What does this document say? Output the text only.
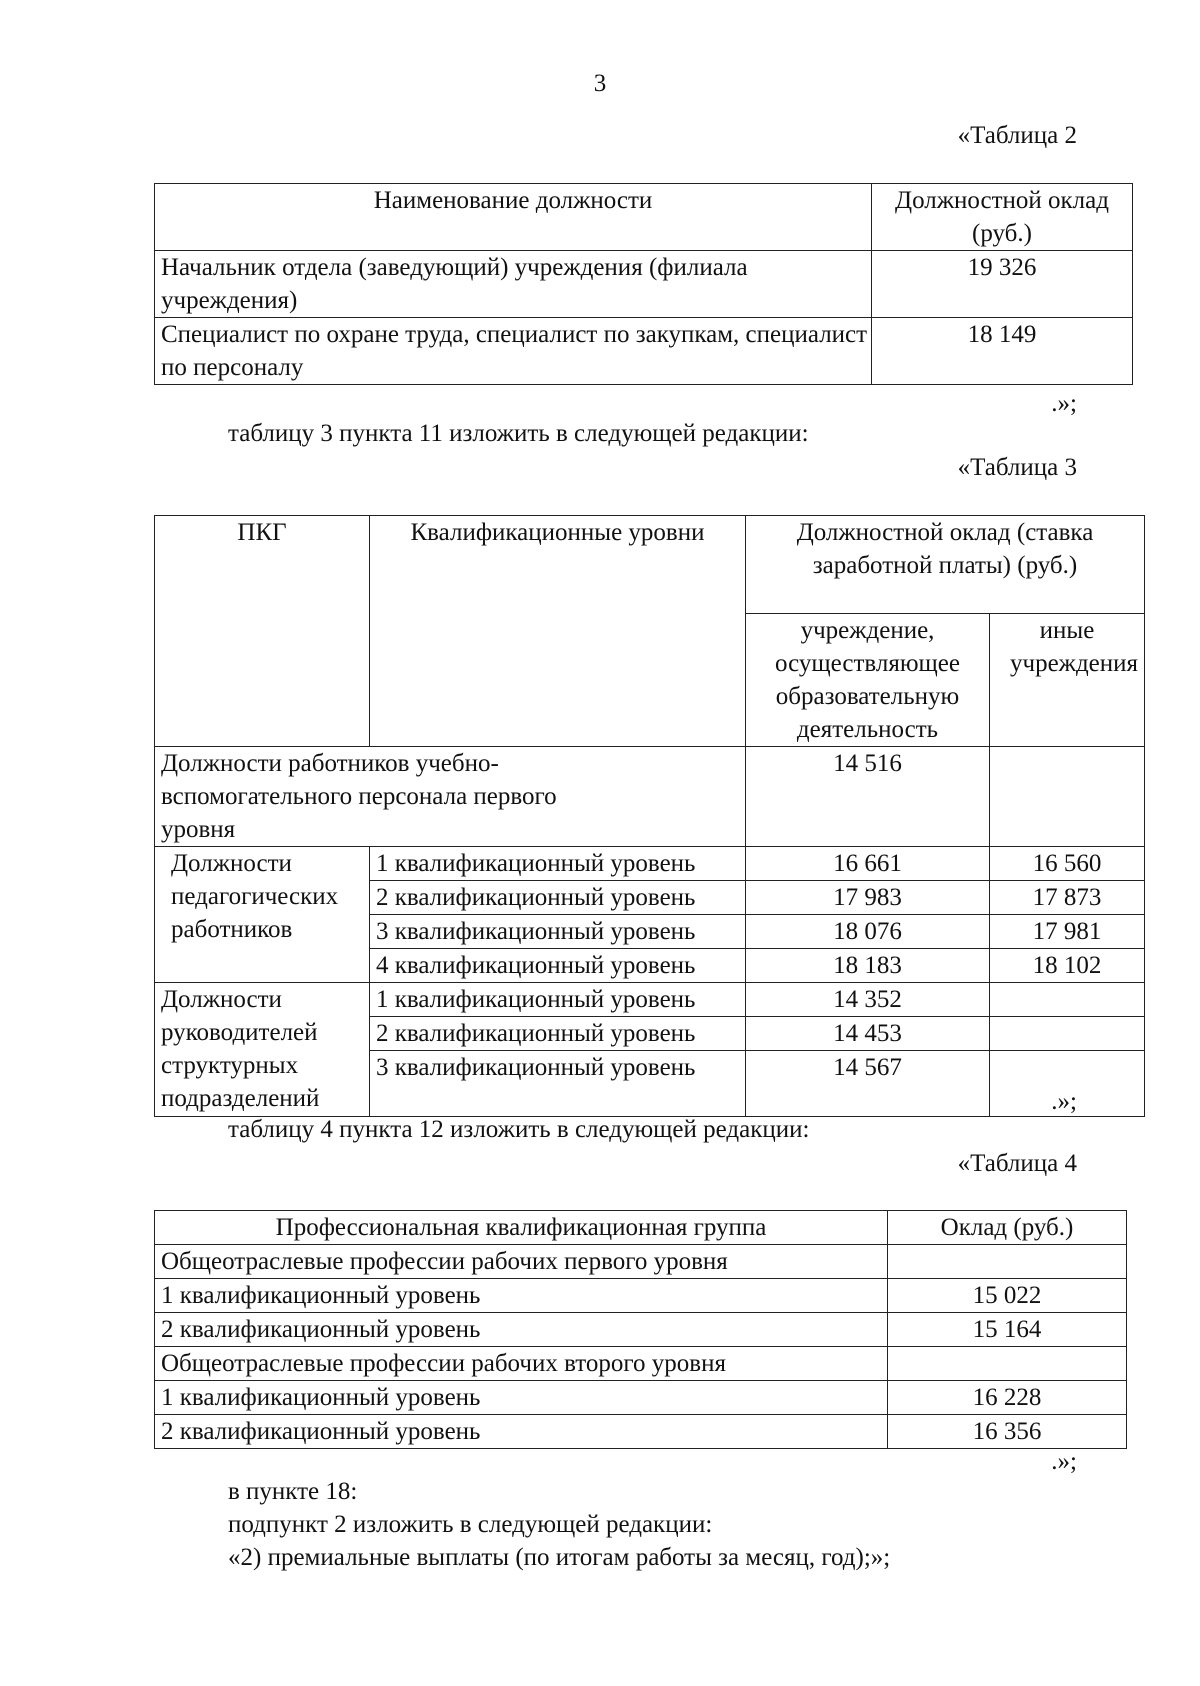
3
«Таблица 2
Наименование должности	Должностной оклад (руб.)
Начальник отдела (заведующий) учреждения (филиала учреждения)	19 326
Специалист по охране труда, специалист по закупкам, специалист по персоналу	18 149
.»;
таблицу 3 пункта 11 изложить в следующей редакции:
«Таблица 3
ПКГ	Квалификационные уровни	Должностной оклад (ставка заработной платы) (руб.)	
		учреждение, осуществляющее образовательную деятельность	иные учреждения
Должности работников учебно-вспомогательного персонала первого уровня		14 516	
Должности педагогических работников	1 квалификационный уровень	16 661	16 560
	2 квалификационный уровень	17 983	17 873
	3 квалификационный уровень	18 076	17 981
	4 квалификационный уровень	18 183	18 102
Должности руководителей структурных подразделений	1 квалификационный уровень	14 352	
	2 квалификационный уровень	14 453	
	3 квалификационный уровень	14 567	
.»;
таблицу 4 пункта 12 изложить в следующей редакции:
«Таблица 4
Профессиональная квалификационная группа	Оклад (руб.)
Общеотраслевые профессии рабочих первого уровня	
1 квалификационный уровень	15 022
2 квалификационный уровень	15 164
Общеотраслевые профессии рабочих второго уровня	
1 квалификационный уровень	16 228
2 квалификационный уровень	16 356
.»;
в пункте 18:
подпункт 2 изложить в следующей редакции:
«2) премиальные выплаты (по итогам работы за месяц, год);»;
